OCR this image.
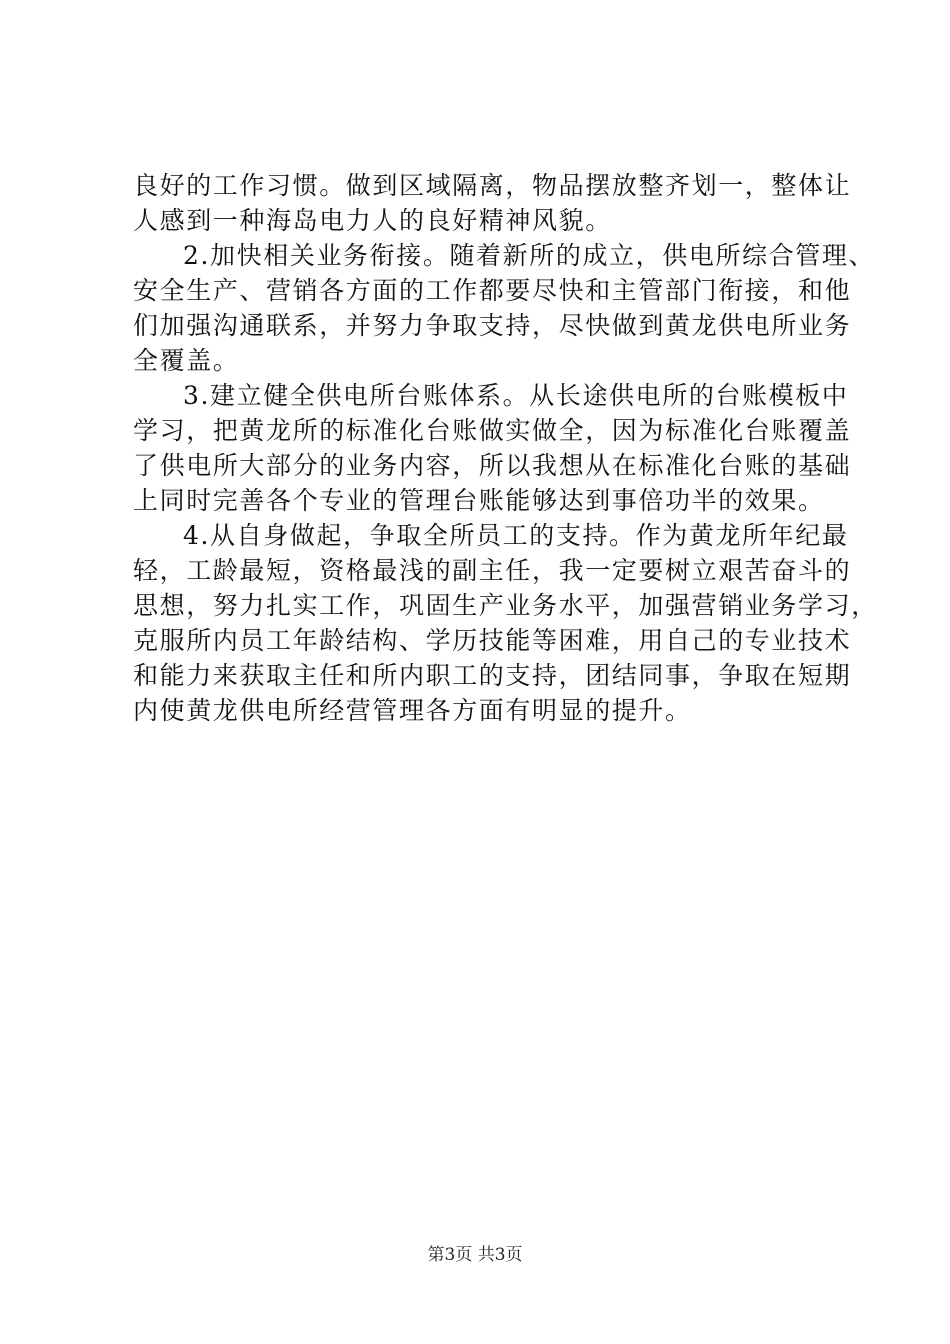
良好的工作习惯。做到区域隔离，物品摆放整齐划一，整体让
人感到一种海岛电力人的良好精神风貌。
2.加快相关业务衔接。随着新所的成立，供电所综合管理、
安全生产、营销各方面的工作都要尽快和主管部门衔接，和他
们加强沟通联系，并努力争取支持，尽快做到黄龙供电所业务
全覆盖。
3.建立健全供电所台账体系。从长途供电所的台账模板中
学习，把黄龙所的标准化台账做实做全，因为标准化台账覆盖
了供电所大部分的业务内容，所以我想从在标准化台账的基础
上同时完善各个专业的管理台账能够达到事倍功半的效果。
4.从自身做起，争取全所员工的支持。作为黄龙所年纪最
轻，工龄最短，资格最浅的副主任，我一定要树立艰苦奋斗的
思想，努力扎实工作，巩固生产业务水平，加强营销业务学习，
克服所内员工年龄结构、学历技能等困难，用自己的专业技术
和能力来获取主任和所内职工的支持，团结同事，争取在短期
内使黄龙供电所经营管理各方面有明显的提升。
第3页 共3页
